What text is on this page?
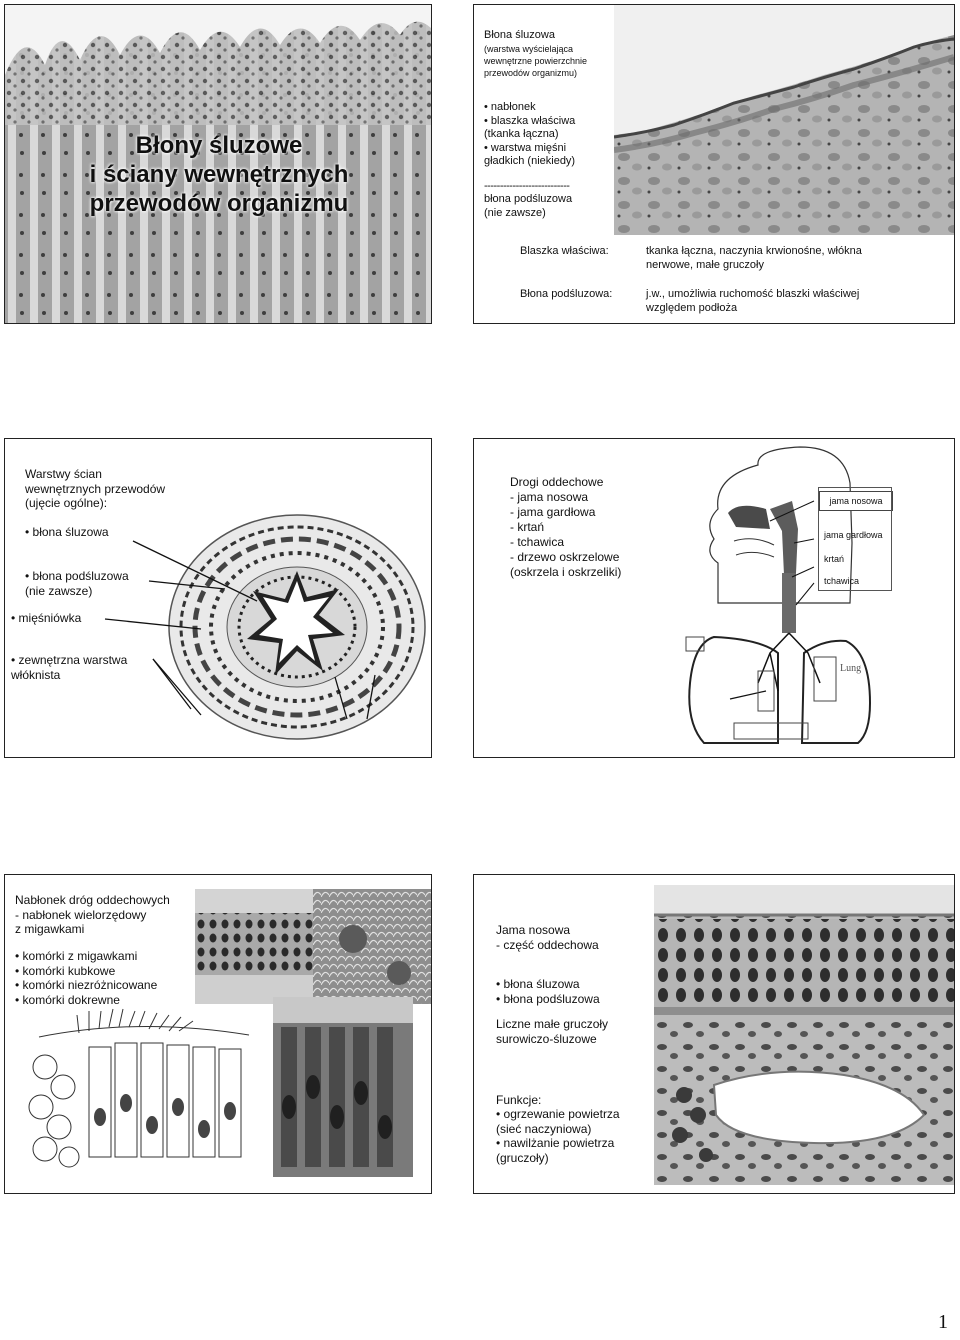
Błony śluzowe
i ściany wewnętrznych
przewodów organizmu
Błona śluzowa
(warstwa wyścielająca
wewnętrzne powierzchnie
przewodów organizmu)
• nabłonek
• blaszka właściwa
(tkanka łączna)
• warstwa mięśni
gładkich (niekiedy)
---------------------------
błona podśluzowa
(nie zawsze)
Blaszka właściwa:	tkanka łączna, naczynia krwionośne, włókna
nerwowe, małe gruczoły
Błona podśluzowa:	j.w., umożliwia ruchomość blaszki właściwej
względem podłoża
Warstwy ścian
wewnętrznych przewodów
(ujęcie ogólne):
• błona śluzowa
• błona podśluzowa
(nie zawsze)
• mięśniówka
• zewnętrzna warstwa
włóknista
Drogi oddechowe
- jama nosowa
- jama gardłowa
- krtań
- tchawica
- drzewo oskrzelowe
(oskrzela i oskrzeliki)
Lung
jama nosowa
jama gardłowa
krtań
tchawica
Nabłonek dróg oddechowych
- nabłonek wielorzędowy
z migawkami
• komórki z migawkami
• komórki kubkowe
• komórki niezróżnicowane
• komórki dokrewne
Jama nosowa
- część oddechowa
• błona śluzowa
• błona podśluzowa
Liczne małe gruczoły
surowiczo-śluzowe
Funkcje:
• ogrzewanie powietrza
(sieć naczyniowa)
• nawilżanie powietrza
(gruczoły)
1
